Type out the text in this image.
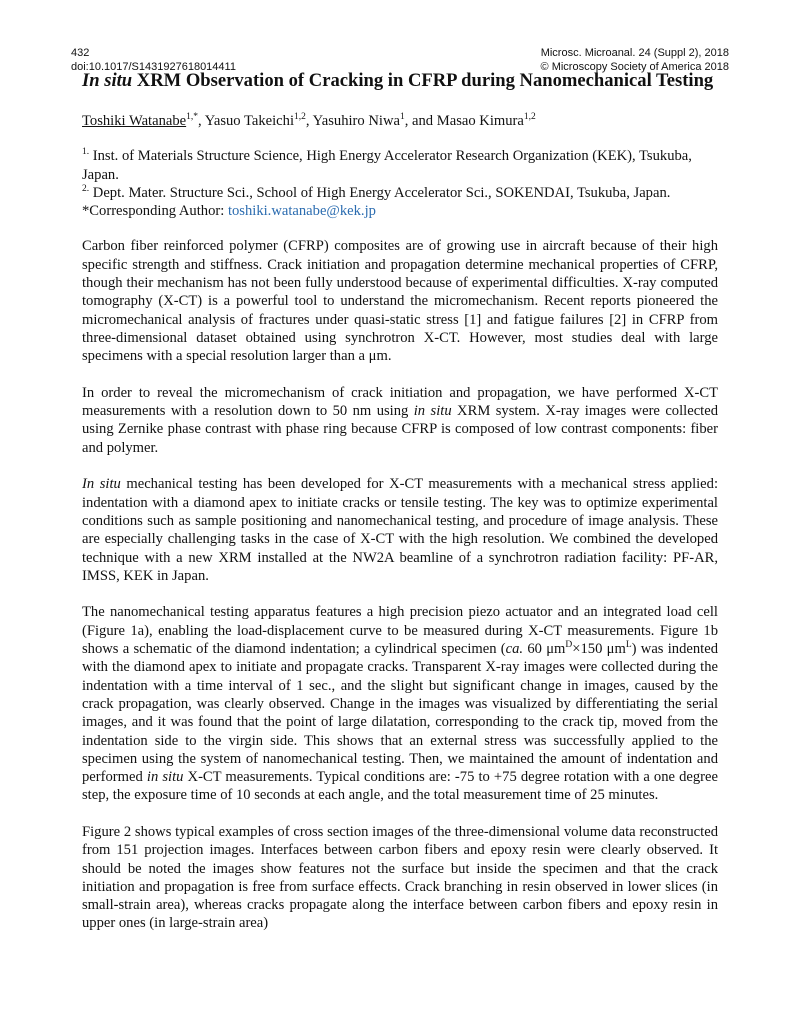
432
doi:10.1017/S1431927618014411
Microsc. Microanal. 24 (Suppl 2), 2018
© Microscopy Society of America 2018
In situ XRM Observation of Cracking in CFRP during Nanomechanical Testing
Toshiki Watanabe$^{1,*}$, Yasuo Takeichi$^{1,2}$, Yasuhiro Niwa$^1$, and Masao Kimura$^{1,2}$
$^{1.}$ Inst. of Materials Structure Science, High Energy Accelerator Research Organization (KEK), Tsukuba, Japan.
$^{2.}$ Dept. Mater. Structure Sci., School of High Energy Accelerator Sci., SOKENDAI, Tsukuba, Japan.
*Corresponding Author: toshiki.watanabe@kek.jp

Carbon fiber reinforced polymer (CFRP) composites are of growing use in aircraft because of their high specific strength and stiffness. Crack initiation and propagation determine mechanical properties of CFRP, though their mechanism has not been fully understood because of experimental difficulties. X-ray computed tomography (X-CT) is a powerful tool to understand the micromechanism. Recent reports pioneered the micromechanical analysis of fractures under quasi-static stress [1] and fatigue failures [2] in CFRP from three-dimensional dataset obtained using synchrotron X-CT. However, most studies deal with large specimens with a special resolution larger than a μm.

In order to reveal the micromechanism of crack initiation and propagation, we have performed X-CT measurements with a resolution down to 50 nm using in situ XRM system. X-ray images were collected using Zernike phase contrast with phase ring because CFRP is composed of low contrast components: fiber and polymer.

In situ mechanical testing has been developed for X-CT measurements with a mechanical stress applied: indentation with a diamond apex to initiate cracks or tensile testing. The key was to optimize experimental conditions such as sample positioning and nanomechanical testing, and procedure of image analysis. These are especially challenging tasks in the case of X-CT with the high resolution. We combined the developed technique with a new XRM installed at the NW2A beamline of a synchrotron radiation facility: PF-AR, IMSS, KEK in Japan.

The nanomechanical testing apparatus features a high precision piezo actuator and an integrated load cell (Figure 1a), enabling the load-displacement curve to be measured during X-CT measurements. Figure 1b shows a schematic of the diamond indentation; a cylindrical specimen (ca. 60 $\mu m^D\times 150$ $\mu m^L$) was indented with the diamond apex to initiate and propagate cracks. Transparent X-ray images were collected during the indentation with a time interval of 1 sec., and the slight but significant change in images, caused by the crack propagation, was clearly observed. Change in the images was visualized by differentiating the serial images, and it was found that the point of large dilatation, corresponding to the crack tip, moved from the indentation side to the virgin side. This shows that an external stress was successfully applied to the specimen using the system of nanomechanical testing. Then, we maintained the amount of indentation and performed in situ X-CT measurements. Typical conditions are: -75 to +75 degree rotation with a one degree step, the exposure time of 10 seconds at each angle, and the total measurement time of 25 minutes.

Figure 2 shows typical examples of cross section images of the three-dimensional volume data reconstructed from 151 projection images. Interfaces between carbon fibers and epoxy resin were clearly observed. It should be noted the images show features not the surface but inside the specimen and that the crack initiation and propagation is free from surface effects. Crack branching in resin observed in lower slices (in small-strain area), whereas cracks propagate along the interface between carbon fibers and epoxy resin in upper ones (in large-strain area)
